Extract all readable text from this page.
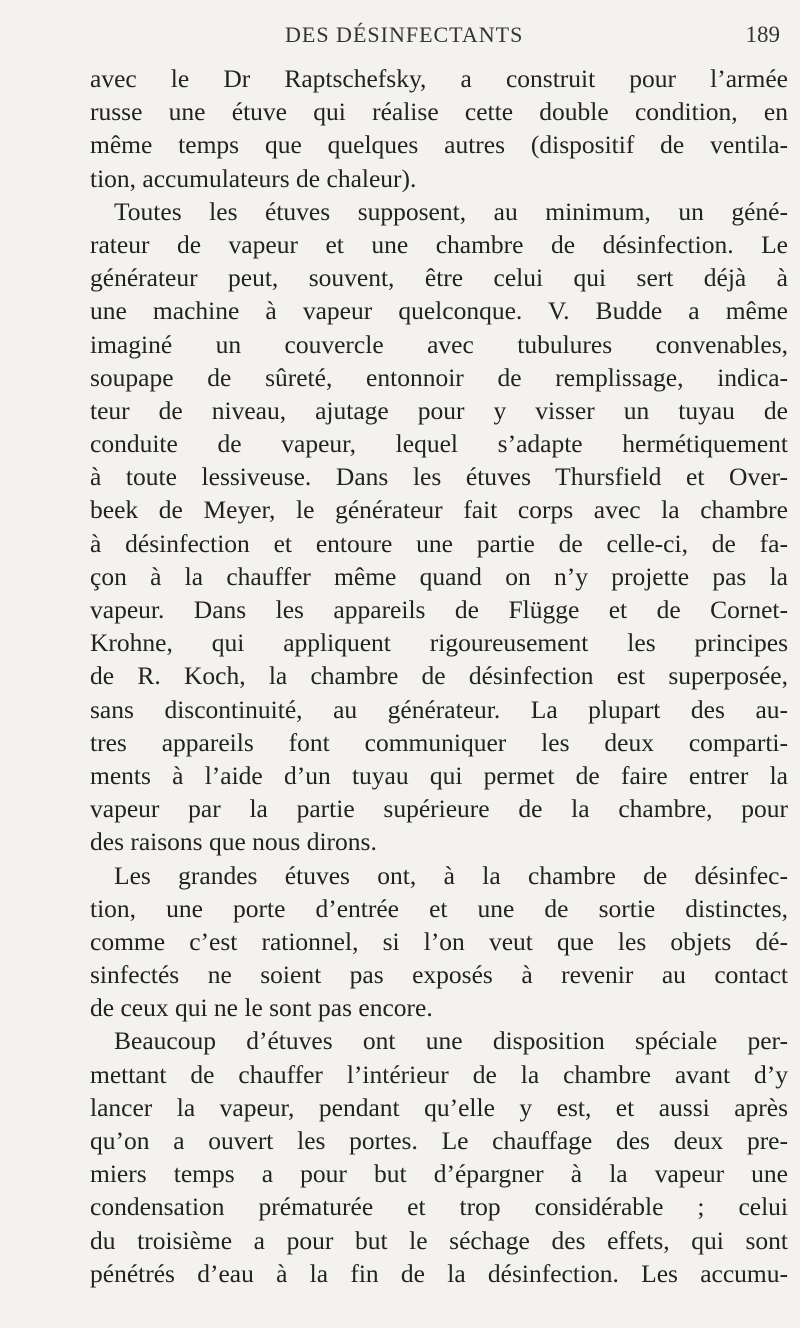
DES DÉSINFECTANTS	189
avec le Dr Raptschefsky, a construit pour l’armée
russe une étuve qui réalise cette double condition, en
même temps que quelques autres (dispositif de ventila-
tion, accumulateurs de chaleur).
Toutes les étuves supposent, au minimum, un géné-
rateur de vapeur et une chambre de désinfection. Le
générateur peut, souvent, être celui qui sert déjà à
une machine à vapeur quelconque. V. Budde a même
imaginé un couvercle avec tubulures convenables,
soupape de sûreté, entonnoir de remplissage, indica-
teur de niveau, ajutage pour y visser un tuyau de
conduite de vapeur, lequel s’adapte hermétiquement
à toute lessiveuse. Dans les étuves Thursfield et Over-
beek de Meyer, le générateur fait corps avec la chambre
à désinfection et entoure une partie de celle-ci, de fa-
çon à la chauffer même quand on n’y projette pas la
vapeur. Dans les appareils de Flügge et de Cornet-
Krohne, qui appliquent rigoureusement les principes
de R. Koch, la chambre de désinfection est superposée,
sans discontinuité, au générateur. La plupart des au-
tres appareils font communiquer les deux comparti-
ments à l’aide d’un tuyau qui permet de faire entrer la
vapeur par la partie supérieure de la chambre, pour
des raisons que nous dirons.
Les grandes étuves ont, à la chambre de désinfec-
tion, une porte d’entrée et une de sortie distinctes,
comme c’est rationnel, si l’on veut que les objets dé-
sinfectés ne soient pas exposés à revenir au contact
de ceux qui ne le sont pas encore.
Beaucoup d’étuves ont une disposition spéciale per-
mettant de chauffer l’intérieur de la chambre avant d’y
lancer la vapeur, pendant qu’elle y est, et aussi après
qu’on a ouvert les portes. Le chauffage des deux pre-
miers temps a pour but d’épargner à la vapeur une
condensation prématurée et trop considérable ; celui
du troisième a pour but le séchage des effets, qui sont
pénétrés d’eau à la fin de la désinfection. Les accumu-
